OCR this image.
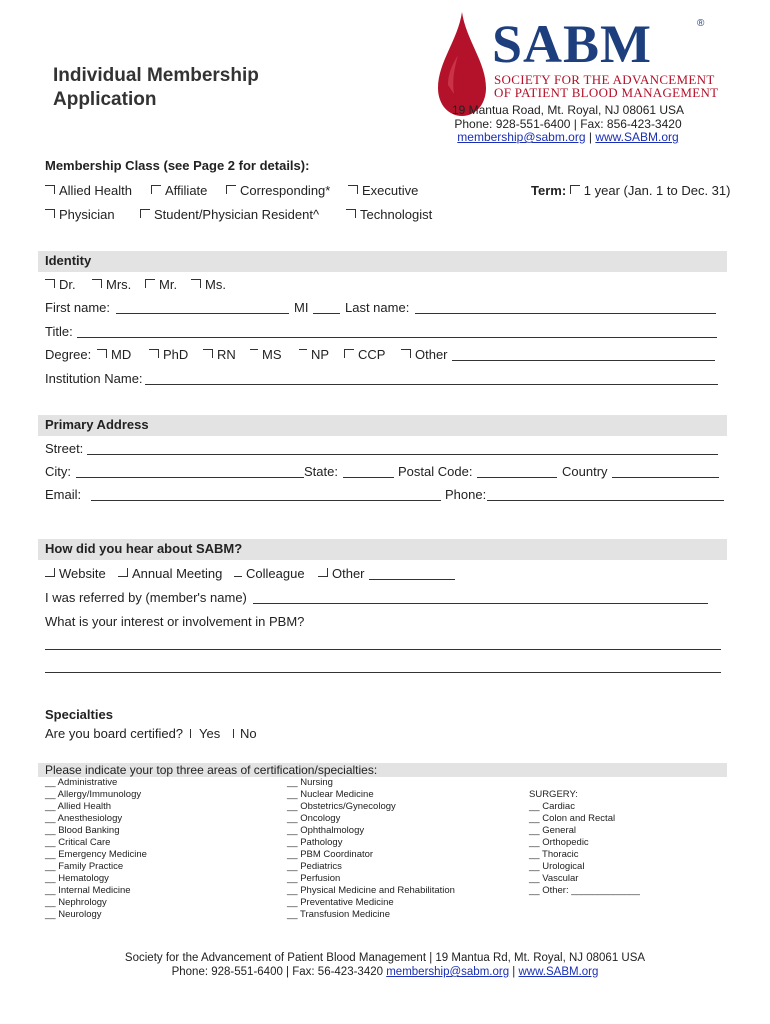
Individual Membership
Application
SABM	®
SOCIETY FOR THE ADVANCEMENT
OF PATIENT BLOOD MANAGEMENT
19 Mantua Road, Mt. Royal, NJ 08061 USA
Phone: 928-551-6400 | Fax: 856-423-3420
membership@sabm.org | www.SABM.org
Membership Class (see Page 2 for details):
Allied Health	Affiliate	Corresponding*	Executive	Term: 1 year (Jan. 1 to Dec. 31)
Physician	Student/Physician Resident^	Technologist
Identity
Dr.	Mrs.	Mr.	Ms.
First name:	MI	Last name:
Title:
Degree:	MD	PhD	RN	MS	NP	CCP	Other
Institution Name:
Primary Address
Street:
City:	State:	Postal Code:	Country
Email:	Phone:
How did you hear about SABM?
Website	Annual Meeting	Colleague	Other
I was referred by (member's name)
What is your interest or involvement in PBM?
Specialties
Are you board certified?	Yes	No
Please indicate your top three areas of certification/specialties:
__ Administrative
__ Allergy/Immunology
__ Allied Health
__ Anesthesiology
__ Blood Banking
__ Critical Care
__ Emergency Medicine
__ Family Practice
__ Hematology
__ Internal Medicine
__ Nephrology
__ Neurology
__ Nursing
__ Nuclear Medicine
__ Obstetrics/Gynecology
__ Oncology
__ Ophthalmology
__ Pathology
__ PBM Coordinator
__ Pediatrics
__ Perfusion
__ Physical Medicine and Rehabilitation
__ Preventative Medicine
__ Transfusion Medicine
SURGERY:
__ Cardiac
__ Colon and Rectal
__ General
__ Orthopedic
__ Thoracic
__ Urological
__ Vascular
__ Other: _____________
Society for the Advancement of Patient Blood Management | 19 Mantua Rd, Mt. Royal, NJ 08061 USA
Phone: 928-551-6400 | Fax: 56-423-3420 membership@sabm.org | www.SABM.org
